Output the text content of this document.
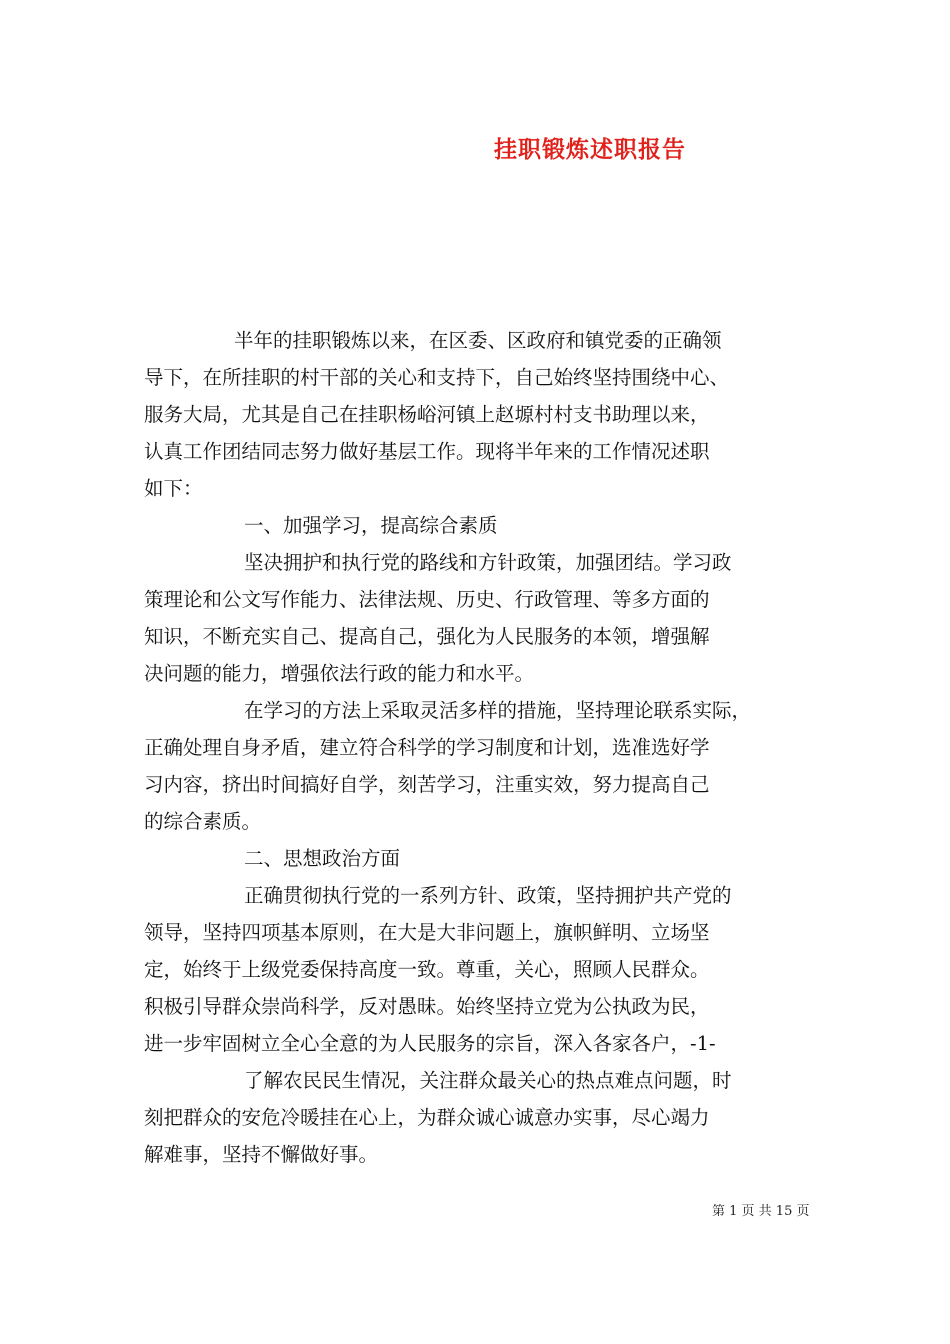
挂职锻炼述职报告
半年的挂职锻炼以来，在区委、区政府和镇党委的正确领
导下，在所挂职的村干部的关心和支持下，自己始终坚持围绕中心、
服务大局，尤其是自己在挂职杨峪河镇上赵塬村村支书助理以来，
认真工作团结同志努力做好基层工作。现将半年来的工作情况述职
如下：
一、加强学习，提高综合素质
坚决拥护和执行党的路线和方针政策，加强团结。学习政
策理论和公文写作能力、法律法规、历史、行政管理、等多方面的
知识，不断充实自己、提高自己，强化为人民服务的本领，增强解
决问题的能力，增强依法行政的能力和水平。
在学习的方法上采取灵活多样的措施，坚持理论联系实际，
正确处理自身矛盾，建立符合科学的学习制度和计划，选准选好学
习内容，挤出时间搞好自学，刻苦学习，注重实效，努力提高自己
的综合素质。
二、思想政治方面
正确贯彻执行党的一系列方针、政策，坚持拥护共产党的
领导，坚持四项基本原则，在大是大非问题上，旗帜鲜明、立场坚
定，始终于上级党委保持高度一致。尊重，关心，照顾人民群众。
积极引导群众崇尚科学，反对愚昧。始终坚持立党为公执政为民，
进一步牢固树立全心全意的为人民服务的宗旨，深入各家各户，-1-
了解农民民生情况，关注群众最关心的热点难点问题，时
刻把群众的安危冷暖挂在心上，为群众诚心诚意办实事，尽心竭力
解难事，坚持不懈做好事。
第 1 页 共 15 页
